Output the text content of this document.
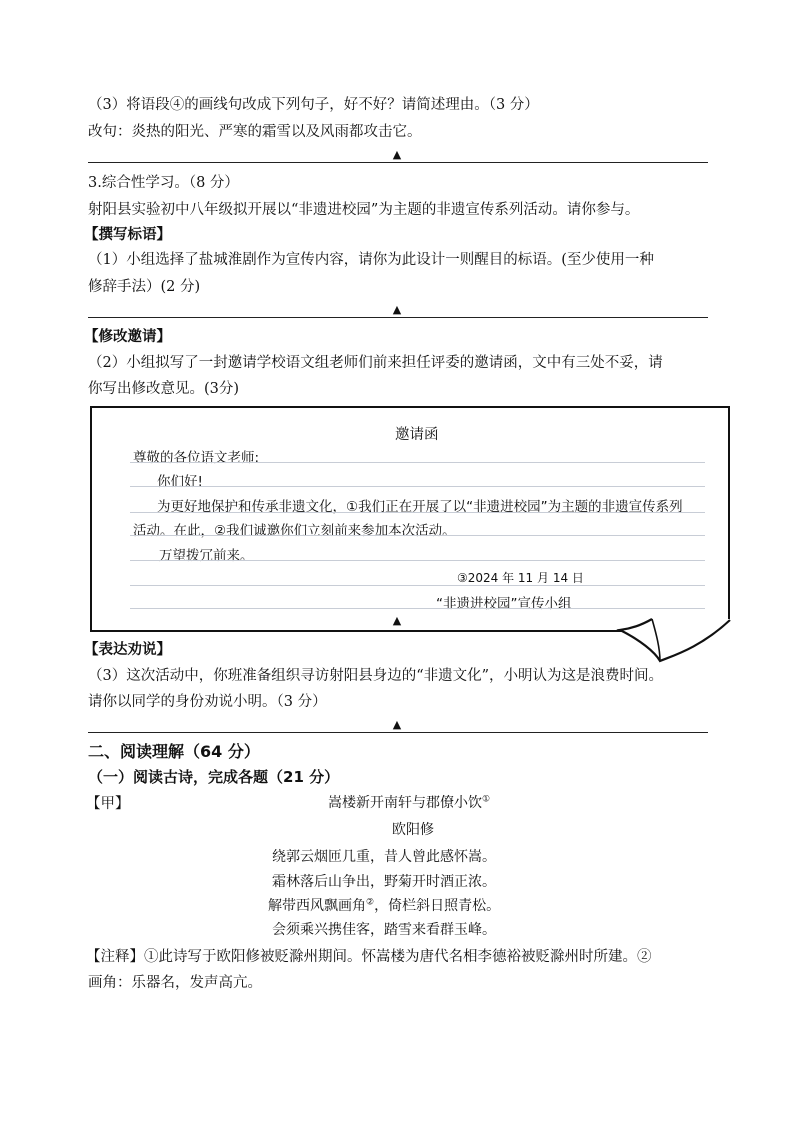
（3）将语段④的画线句改成下列句子，好不好？请简述理由。（3 分）
改句：炎热的阳光、严寒的霜雪以及风雨都攻击它。
▲
3.综合性学习。（8 分）
射阳县实验初中八年级拟开展以“非遗进校园”为主题的非遗宣传系列活动。请你参与。
【撰写标语】
（1）小组选择了盐城淮剧作为宣传内容，请你为此设计一则醒目的标语。(至少使用一种
修辞手法）(2 分)
▲
【修改邀请】
（2）小组拟写了一封邀请学校语文组老师们前来担任评委的邀请函，文中有三处不妥，请
你写出修改意见。(3分)
邀请函
尊敬的各位语文老师:
你们好!
为更好地保护和传承非遗文化，①我们正在开展了以“非遗进校园”为主题的非遗宣传系列
活动。在此，②我们诚邀你们立刻前来参加本次活动。
万望拨冗前来。
③2024 年 11 月 14 日
“非遗进校园”宣传小组
▲
【表达劝说】
（3）这次活动中，你班准备组织寻访射阳县身边的“非遗文化”，小明认为这是浪费时间。
请你以同学的身份劝说小明。（3 分）
▲
二、阅读理解（64 分）
（一）阅读古诗，完成各题（21 分）
【甲】	嵩楼新开南轩与郡僚小饮①
欧阳修
绕郭云烟匝几重，昔人曾此感怀嵩。
霜林落后山争出，野菊开时酒正浓。
解带西风飘画角②，倚栏斜日照青松。
会须乘兴携佳客，踏雪来看群玉峰。
【注释】①此诗写于欧阳修被贬滁州期间。怀嵩楼为唐代名相李德裕被贬滁州时所建。②
画角：乐器名，发声高亢。
